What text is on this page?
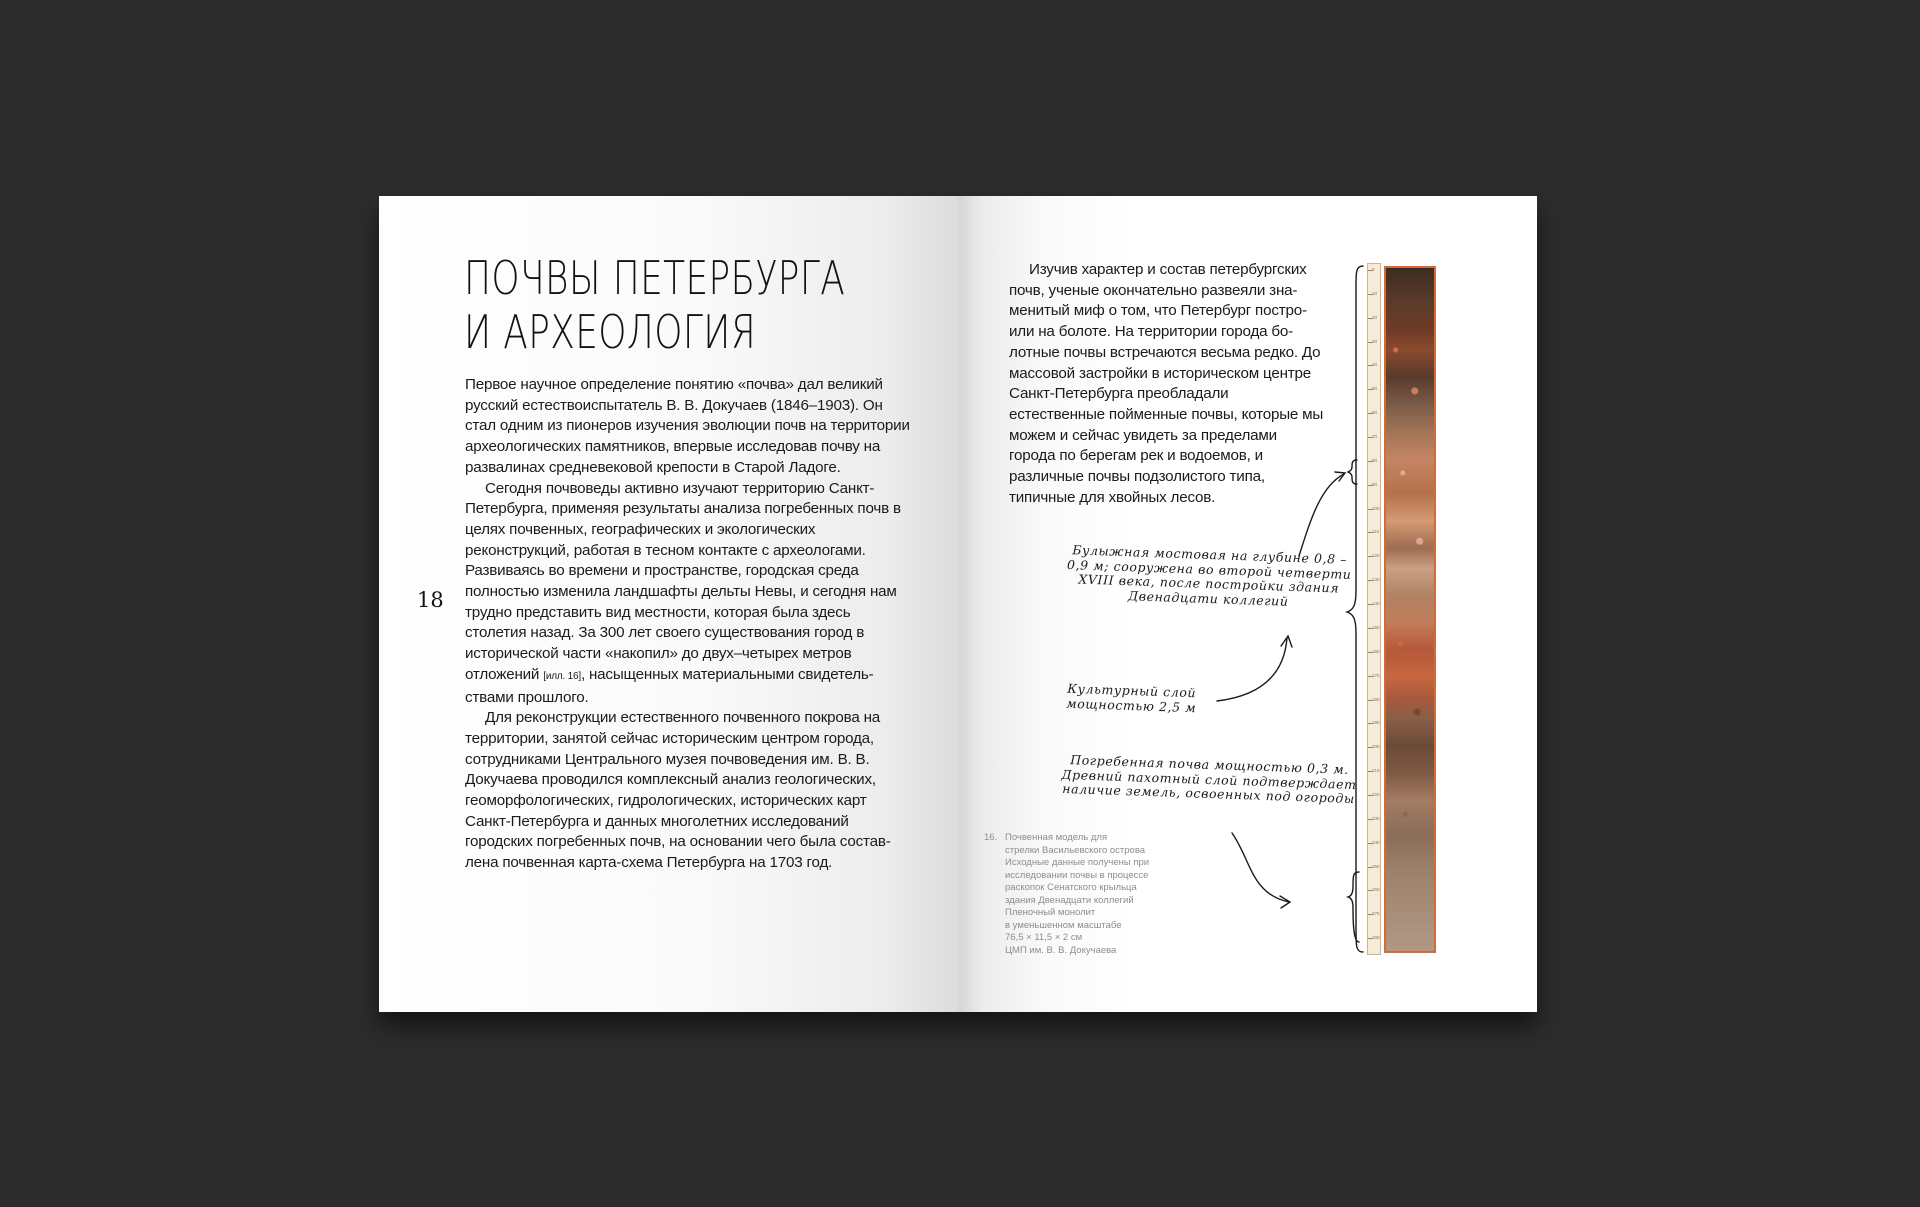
ПОЧВЫ ПЕТЕРБУРГА
И АРХЕОЛОГИЯ
18

Первое научное определение понятию «почва» дал великий русский естествоиспытатель В. В. Докучаев (1846–1903). Он стал одним из пионеров изучения эволюции почв на территории археологических памятников, впервые исследовав почву на развалинах средневековой крепости в Старой Ладоге.

Сегодня почвоведы активно изучают территорию Санкт-Петербурга, применяя результаты анализа погребенных почв в целях почвенных, географических и экологических реконструкций, работая в тесном контакте с археологами. Развиваясь во времени и пространстве, городская среда полностью изменила ландшафты дельты Невы, и сегодня нам трудно представить вид местности, которая была здесь столетия назад. За 300 лет своего существования город в исторической части «накопил» до двух–четырех метров отложений [илл. 16], насыщенных материальными свидетельствами прошлого.

Для реконструкции естественного почвенного покрова на территории, занятой сейчас историческим центром города, сотрудниками Центрального музея почвоведения им. В. В. Докучаева проводился комплексный анализ геологических, геоморфологических, гидрологических, исторических карт Санкт-Петербурга и данных многолетних исследований городских погребенных почв, на основании чего была составлена почвенная карта-схема Петербурга на 1703 год.

Изучив характер и состав петербургских почв, ученые окончательно развеяли знаменитый миф о том, что Петербург построили на болоте. На территории города болотные почвы встречаются весьма редко. До массовой застройки в историческом центре Санкт-Петербурга преобладали естественные пойменные почвы, которые мы можем и сейчас увидеть за пределами города по берегам рек и водоемов, и различные почвы подзолистого типа, типичные для хвойных лесов.

Булыжная мостовая на глубине 0,8 – 0,9 м; сооружена во второй четверти XVIII века, после постройки здания Двенадцати коллегий
Культурный слой мощностью 2,5 м
Погребенная почва мощностью 0,3 м. Древний пахотный слой подтверждает наличие земель, освоенных под огороды
16. Почвенная модель для
стрелки Васильевского острова
Исходные данные получены при
исследовании почвы в процессе
раскопок Сенатского крыльца
здания Двенадцати коллегий
Пленочный монолит
в уменьшенном масштабе
76,5 × 11,5 × 2 см
ЦМП им. В. В. Докучаева
0
10
20
30
40
50
60
70
80
90
100
110
120
130
140
150
160
170
180
190
200
210
220
230
240
250
260
270
280
